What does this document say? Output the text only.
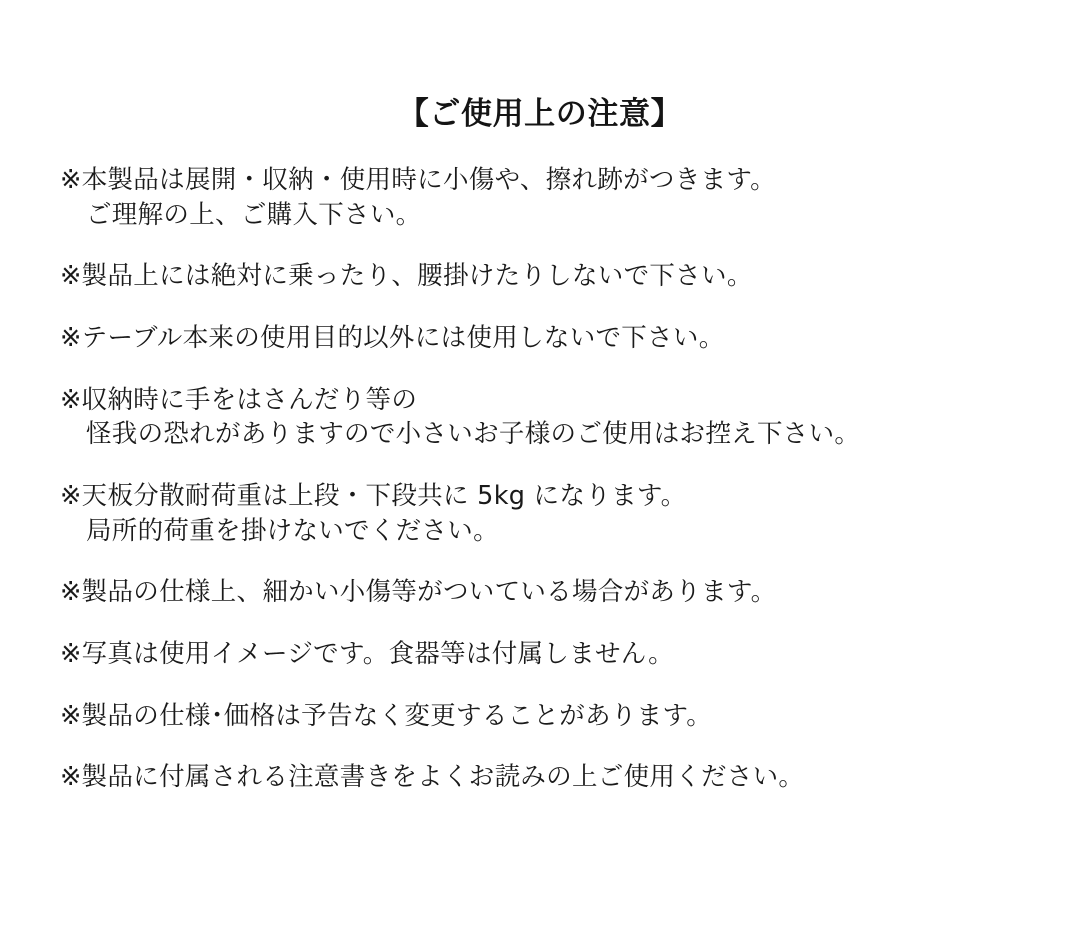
【ご使用上の注意】
※本製品は展開・収納・使用時に小傷や、擦れ跡がつきます。
ご理解の上、ご購入下さい。
※製品上には絶対に乗ったり、腰掛けたりしないで下さい。
※テーブル本来の使用目的以外には使用しないで下さい。
※収納時に手をはさんだり等の
怪我の恐れがありますので小さいお子様のご使用はお控え下さい。
※天板分散耐荷重は上段・下段共に 5kg になります。
局所的荷重を掛けないでください。
※製品の仕様上、細かい小傷等がついている場合があります。
※写真は使用イメージです。食器等は付属しません。
※製品の仕様･価格は予告なく変更することがあります。
※製品に付属される注意書きをよくお読みの上ご使用ください。
